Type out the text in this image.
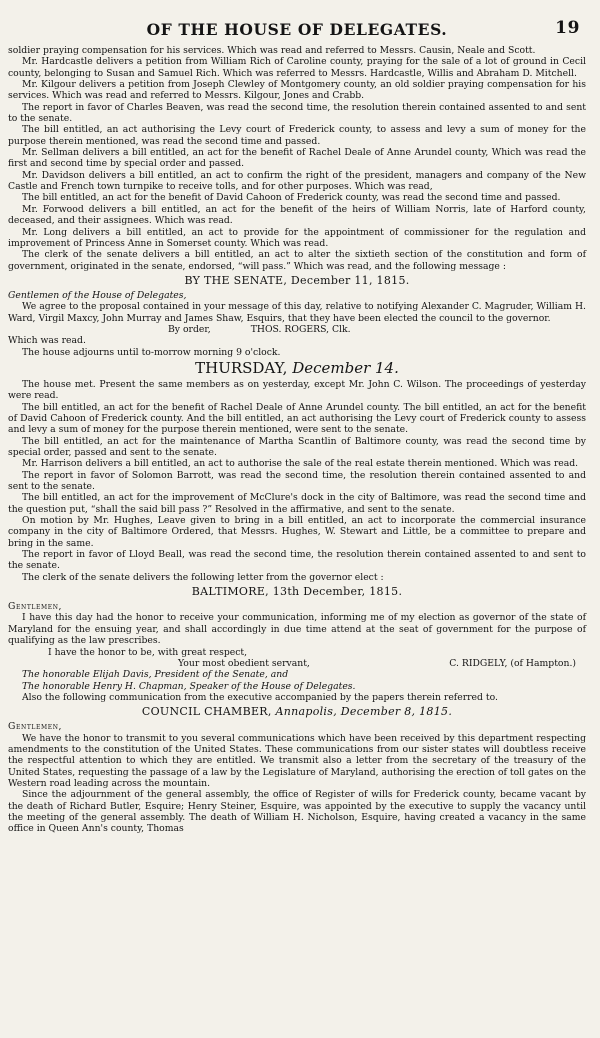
OF THE HOUSE OF DELEGATES.	19

soldier praying compensation for his services. Which was read and referred to Messrs. Causin, Neale and Scott.

Mr. Hardcastle delivers a petition from William Rich of Caroline county, praying for the sale of a lot of ground in Cecil county, belonging to Susan and Samuel Rich. Which was referred to Messrs. Hardcastle, Willis and Abraham D. Mitchell.

Mr. Kilgour delivers a petition from Joseph Clewley of Montgomery county, an old soldier praying compensation for his services. Which was read and referred to Messrs. Kilgour, Jones and Crabb.

The report in favor of Charles Beaven, was read the second time, the resolution therein contained assented to and sent to the senate.

The bill entitled, an act authorising the Levy court of Frederick county, to assess and levy a sum of money for the purpose therein mentioned, was read the second time and passed.

Mr. Sellman delivers a bill entitled, an act for the benefit of Rachel Deale of Anne Arundel county, Which was read the first and second time by special order and passed.

Mr. Davidson delivers a bill entitled, an act to confirm the right of the president, managers and company of the New Castle and French town turnpike to receive tolls, and for other purposes. Which was read,

The bill entitled, an act for the benefit of David Cahoon of Frederick county, was read the second time and passed.

Mr. Forwood delivers a bill entitled, an act for the benefit of the heirs of William Norris, late of Harford county, deceased, and their assignees. Which was read.

Mr. Long delivers a bill entitled, an act to provide for the appointment of commissioner for the regulation and improvement of Princess Anne in Somerset county. Which was read.

The clerk of the senate delivers a bill entitled, an act to alter the sixtieth section of the constitution and form of government, originated in the senate, endorsed, “will pass.” Which was read, and the following message :

BY THE SENATE, December 11, 1815.

Gentlemen of the House of Delegates,

We agree to the proposal contained in your message of this day, relative to notifying Alexander C. Magruder, William H. Ward, Virgil Maxcy, John Murray and James Shaw, Esquirs, that they have been elected the council to the governor.

By order,	THOS. ROGERS, Clk.

Which was read.

The house adjourns until to-morrow morning 9 o'clock.

THURSDAY, December 14.

The house met. Present the same members as on yesterday, except Mr. John C. Wilson. The proceedings of yesterday were read.

The bill entitled, an act for the benefit of Rachel Deale of Anne Arundel county. The bill entitled, an act for the benefit of David Cahoon of Frederick county. And the bill entitled, an act authorising the Levy court of Frederick county to assess and levy a sum of money for the purpose therein mentioned, were sent to the senate.

The bill entitled, an act for the maintenance of Martha Scantlin of Baltimore county, was read the second time by special order, passed and sent to the senate.

Mr. Harrison delivers a bill entitled, an act to authorise the sale of the real estate therein mentioned. Which was read.

The report in favor of Solomon Barrott, was read the second time, the resolution therein contained assented to and sent to the senate.

The bill entitled, an act for the improvement of McClure's dock in the city of Baltimore, was read the second time and the question put, “shall the said bill pass ?” Resolved in the affirmative, and sent to the senate.

On motion by Mr. Hughes, Leave given to bring in a bill entitled, an act to incorporate the commercial insurance company in the city of Baltimore Ordered, that Messrs. Hughes, W. Stewart and Little, be a committee to prepare and bring in the same.

The report in favor of Lloyd Beall, was read the second time, the resolution therein contained assented to and sent to the senate.

The clerk of the senate delivers the following letter from the governor elect :

BALTIMORE, 13th December, 1815.

Gentlemen,

I have this day had the honor to receive your communication, informing me of my election as governor of the state of Maryland for the ensuing year, and shall accordingly in due time attend at the seat of government for the purpose of qualifying as the law prescribes.

I have the honor to be, with great respect,

Your most obedient servant,	C. RIDGELY, (of Hampton.)

The honorable Elijah Davis, President of the Senate, and

The honorable Henry H. Chapman, Speaker of the House of Delegates.

Also the following communication from the executive accompanied by the papers therein referred to.

COUNCIL CHAMBER, Annapolis, December 8, 1815.

Gentlemen,

We have the honor to transmit to you several communications which have been received by this department respecting amendments to the constitution of the United States. These communications from our sister states will doubtless receive the respectful attention to which they are entitled. We transmit also a letter from the secretary of the treasury of the United States, requesting the passage of a law by the Legislature of Maryland, authorising the erection of toll gates on the Western road leading across the mountain.

Since the adjournment of the general assembly, the office of Register of wills for Frederick county, became vacant by the death of Richard Butler, Esquire; Henry Steiner, Esquire, was appointed by the executive to supply the vacancy until the meeting of the general assembly. The death of William H. Nicholson, Esquire, having created a vacancy in the same office in Queen Ann's county, Thomas
